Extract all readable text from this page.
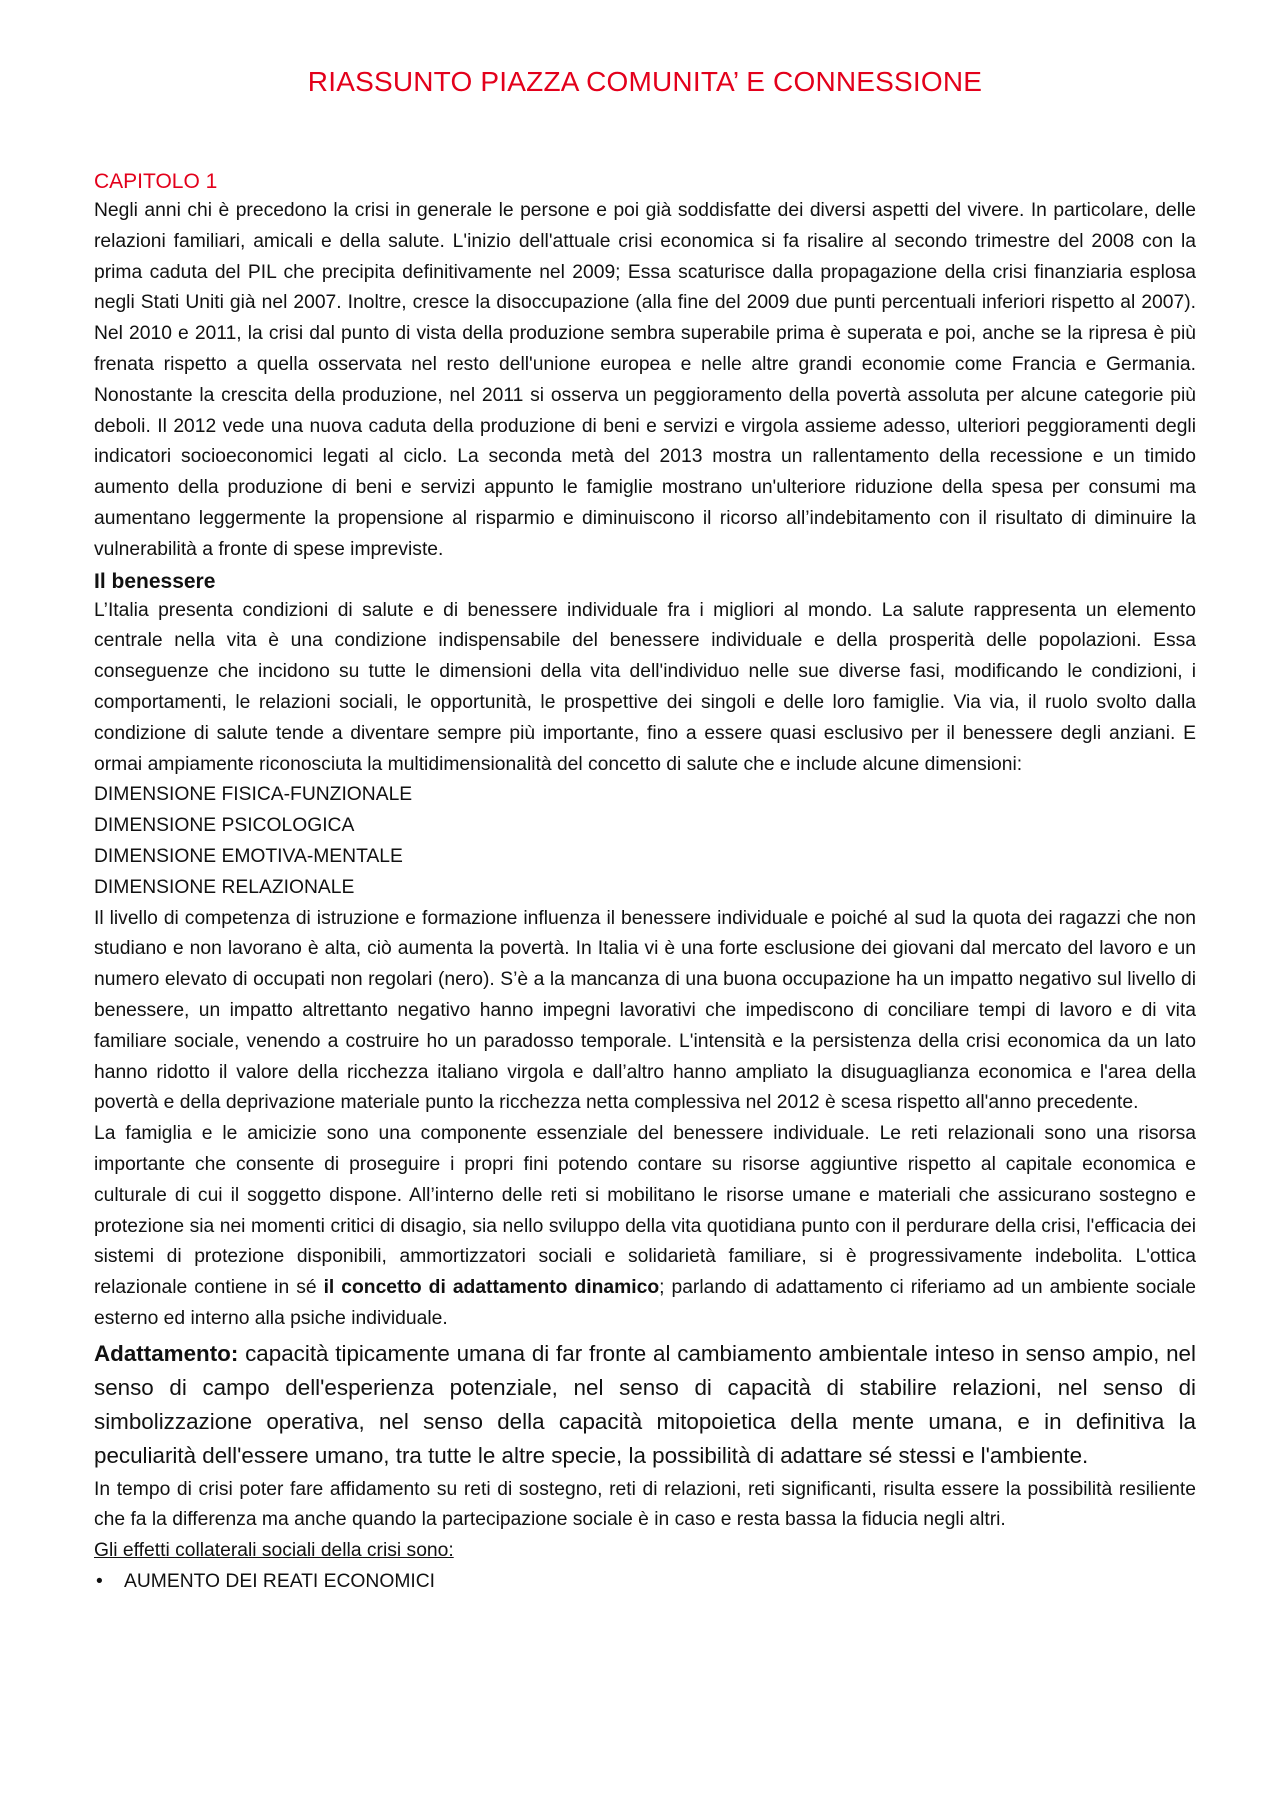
RIASSUNTO PIAZZA COMUNITA’ E CONNESSIONE
CAPITOLO 1

Negli anni chi è precedono la crisi in generale le persone e poi già soddisfatte dei diversi aspetti del vivere. In particolare, delle relazioni familiari, amicali e della salute. L'inizio dell'attuale crisi economica si fa risalire al secondo trimestre del 2008 con la prima caduta del PIL che precipita definitivamente nel 2009; Essa scaturisce dalla propagazione della crisi finanziaria esplosa negli Stati Uniti già nel 2007. Inoltre, cresce la disoccupazione (alla fine del 2009 due punti percentuali inferiori rispetto al 2007). Nel 2010 e 2011, la crisi dal punto di vista della produzione sembra superabile prima è superata e poi, anche se la ripresa è più frenata rispetto a quella osservata nel resto dell'unione europea e nelle altre grandi economie come Francia e Germania. Nonostante la crescita della produzione, nel 2011 si osserva un peggioramento della povertà assoluta per alcune categorie più deboli. Il 2012 vede una nuova caduta della produzione di beni e servizi e virgola assieme adesso, ulteriori peggioramenti degli indicatori socioeconomici legati al ciclo. La seconda metà del 2013 mostra un rallentamento della recessione e un timido aumento della produzione di beni e servizi appunto le famiglie mostrano un'ulteriore riduzione della spesa per consumi ma aumentano leggermente la propensione al risparmio e diminuiscono il ricorso all’indebitamento con il risultato di diminuire la vulnerabilità a fronte di spese impreviste.

Il benessere

L’Italia presenta condizioni di salute e di benessere individuale fra i migliori al mondo. La salute rappresenta un elemento centrale nella vita è una condizione indispensabile del benessere individuale e della prosperità delle popolazioni. Essa conseguenze che incidono su tutte le dimensioni della vita dell'individuo nelle sue diverse fasi, modificando le condizioni, i comportamenti, le relazioni sociali, le opportunità, le prospettive dei singoli e delle loro famiglie. Via via, il ruolo svolto dalla condizione di salute tende a diventare sempre più importante, fino a essere quasi esclusivo per il benessere degli anziani. E ormai ampiamente riconosciuta la multidimensionalità del concetto di salute che e include alcune dimensioni:

DIMENSIONE FISICA-FUNZIONALE
DIMENSIONE PSICOLOGICA
DIMENSIONE EMOTIVA-MENTALE
DIMENSIONE RELAZIONALE

Il livello di competenza di istruzione e formazione influenza il benessere individuale e poiché al sud la quota dei ragazzi che non studiano e non lavorano è alta, ciò aumenta la povertà. In Italia vi è una forte esclusione dei giovani dal mercato del lavoro e un numero elevato di occupati non regolari (nero). S’è a la mancanza di una buona occupazione ha un impatto negativo sul livello di benessere, un impatto altrettanto negativo hanno impegni lavorativi che impediscono di conciliare tempi di lavoro e di vita familiare sociale, venendo a costruire ho un paradosso temporale. L'intensità e la persistenza della crisi economica da un lato hanno ridotto il valore della ricchezza italiano virgola e dall’altro hanno ampliato la disuguaglianza economica e l'area della povertà e della deprivazione materiale punto la ricchezza netta complessiva nel 2012 è scesa rispetto all'anno precedente.

La famiglia e le amicizie sono una componente essenziale del benessere individuale. Le reti relazionali sono una risorsa importante che consente di proseguire i propri fini potendo contare su risorse aggiuntive rispetto al capitale economica e culturale di cui il soggetto dispone. All’interno delle reti si mobilitano le risorse umane e materiali che assicurano sostegno e protezione sia nei momenti critici di disagio, sia nello sviluppo della vita quotidiana punto con il perdurare della crisi, l'efficacia dei sistemi di protezione disponibili, ammortizzatori sociali e solidarietà familiare, si è progressivamente indebolita. L'ottica relazionale contiene in sé il concetto di adattamento dinamico; parlando di adattamento ci riferiamo ad un ambiente sociale esterno ed interno alla psiche individuale.

Adattamento: capacità tipicamente umana di far fronte al cambiamento ambientale inteso in senso ampio, nel senso di campo dell'esperienza potenziale, nel senso di capacità di stabilire relazioni, nel senso di simbolizzazione operativa, nel senso della capacità mitopoietica della mente umana, e in definitiva la peculiarità dell'essere umano, tra tutte le altre specie, la possibilità di adattare sé stessi e l'ambiente.

In tempo di crisi poter fare affidamento su reti di sostegno, reti di relazioni, reti significanti, risulta essere la possibilità resiliente che fa la differenza ma anche quando la partecipazione sociale è in caso e resta bassa la fiducia negli altri.

Gli effetti collaterali sociali della crisi sono:
• AUMENTO DEI REATI ECONOMICI
